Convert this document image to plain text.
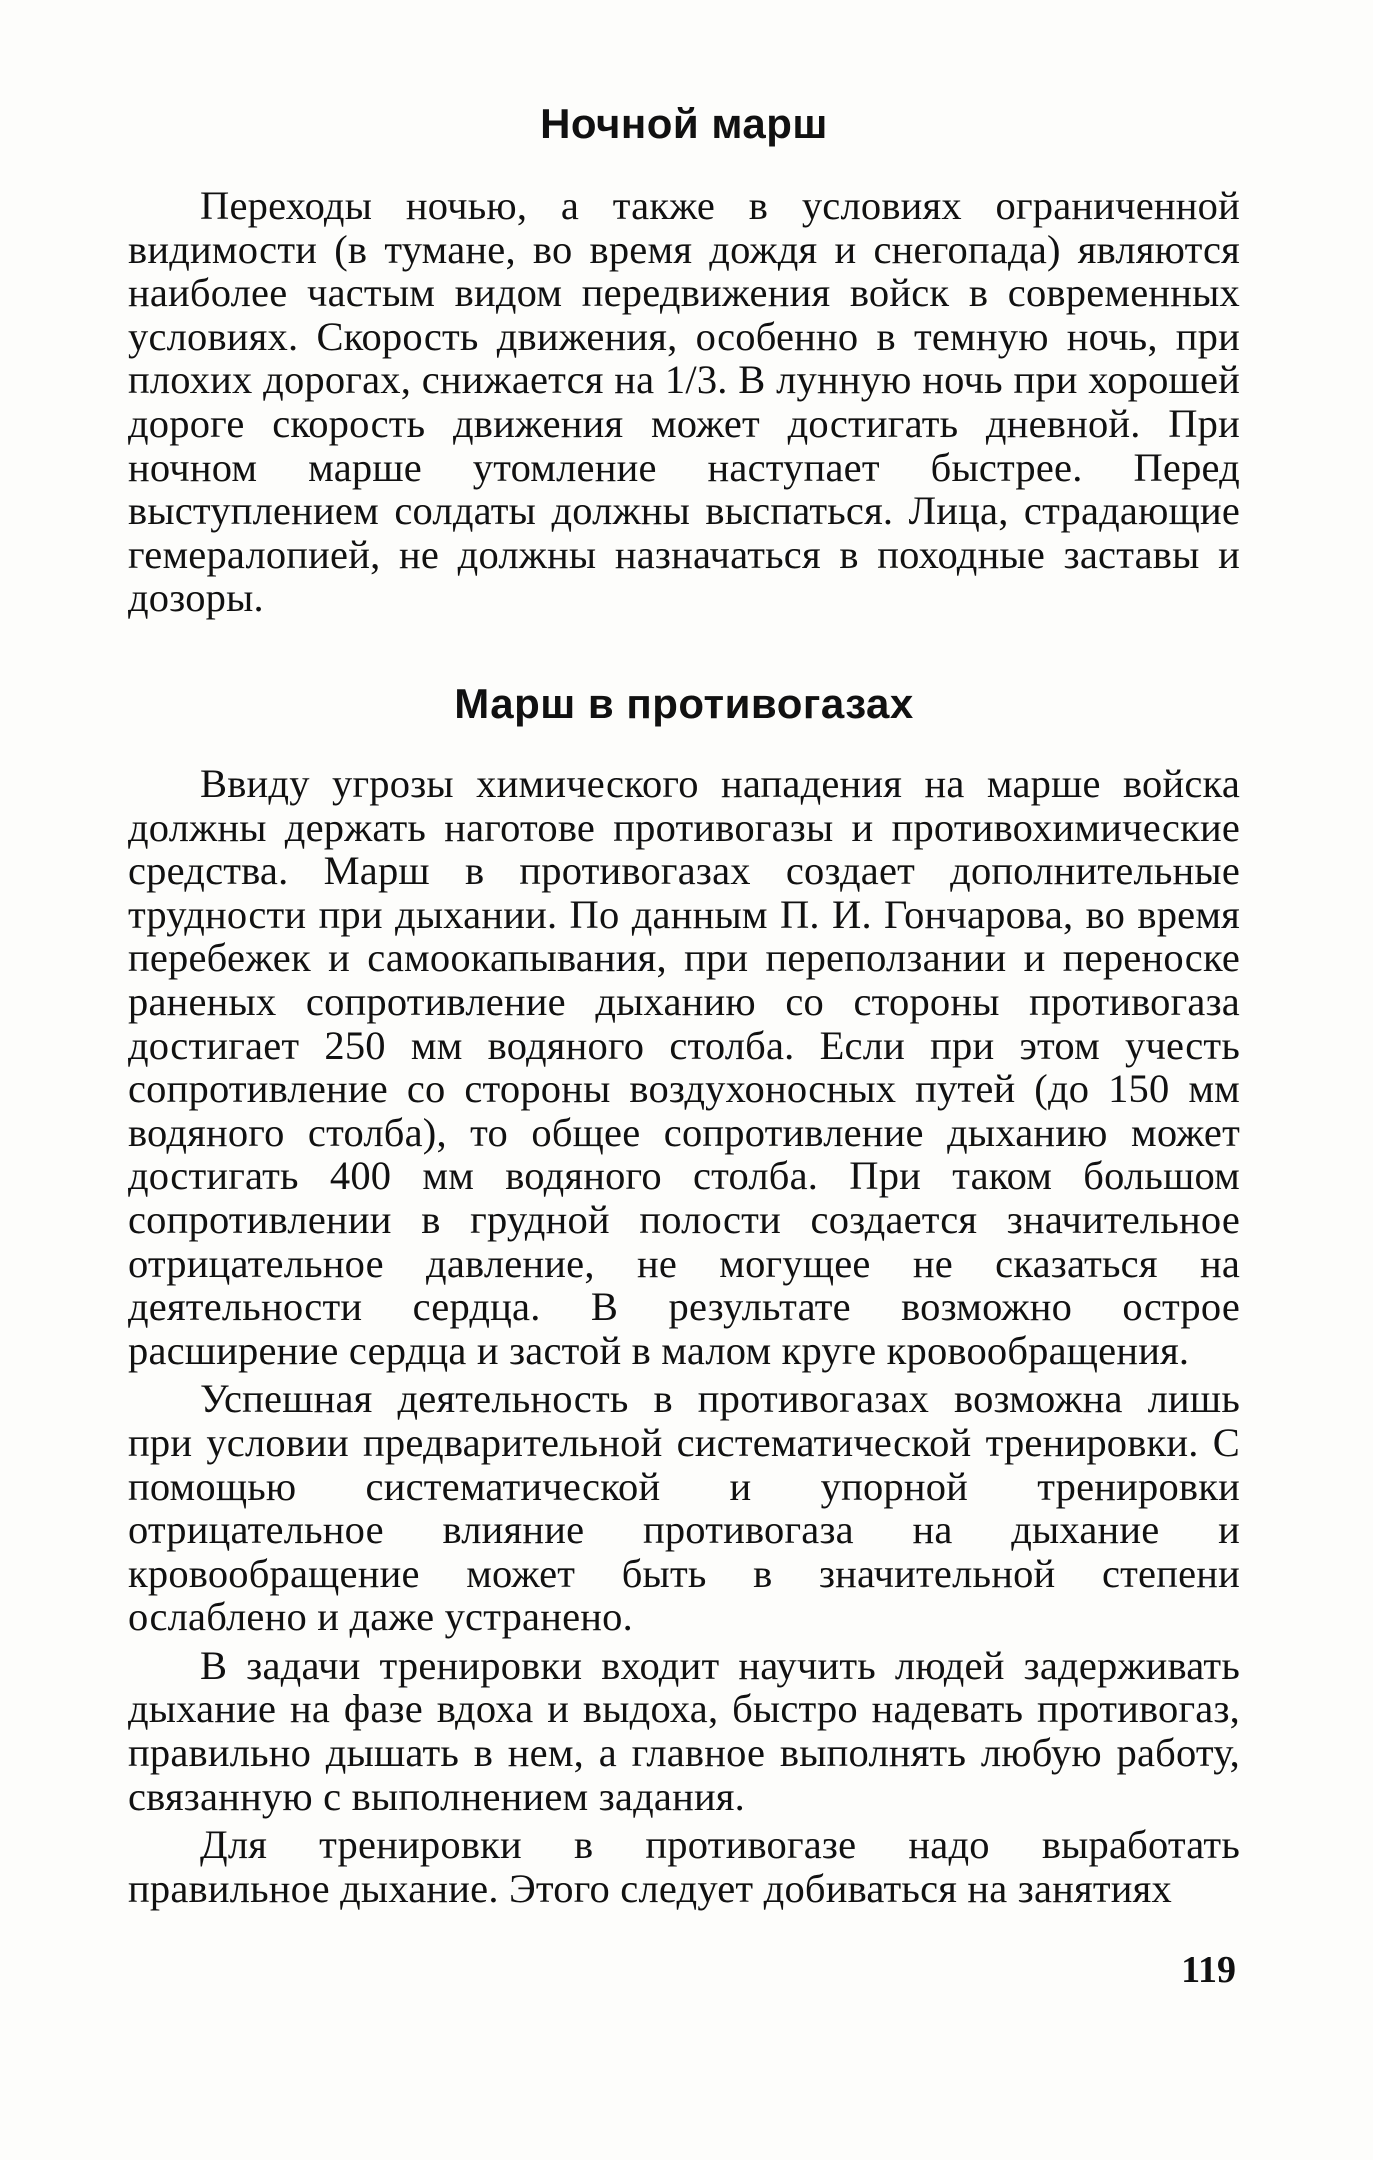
Ночной марш

Переходы ночью, а также в условиях ограниченной видимости (в тумане, во время дождя и снегопада) являются наиболее частым видом передвижения войск в современных условиях. Скорость движения, особенно в темную ночь, при плохих дорогах, снижается на 1/3. В лунную ночь при хорошей дороге скорость движения может достигать дневной. При ночном марше утомление наступает быстрее. Перед выступлением солдаты должны выспаться. Лица, страдающие гемералопией, не должны назначаться в походные заставы и дозоры.

Марш в противогазах

Ввиду угрозы химического нападения на марше войска должны держать наготове противогазы и противохимические средства. Марш в противогазах создает дополнительные трудности при дыхании. По данным П. И. Гончарова, во время перебежек и самоокапывания, при переползании и переноске раненых сопротивление дыханию со стороны противогаза достигает 250 мм водяного столба. Если при этом учесть сопротивление со стороны воздухоносных путей (до 150 мм водяного столба), то общее сопротивление дыханию может достигать 400 мм водяного столба. При таком большом сопротивлении в грудной полости создается значительное отрицательное давление, не могущее не сказаться на деятельности сердца. В результате возможно острое расширение сердца и застой в малом круге кровообращения.

Успешная деятельность в противогазах возможна лишь при условии предварительной систематической тренировки. С помощью систематической и упорной тренировки отрицательное влияние противогаза на дыхание и кровообращение может быть в значительной степени ослаблено и даже устранено.

В задачи тренировки входит научить людей задерживать дыхание на фазе вдоха и выдоха, быстро надевать противогаз, правильно дышать в нем, а главное выполнять любую работу, связанную с выполнением задания.

Для тренировки в противогазе надо выработать правильное дыхание. Этого следует добиваться на занятиях

119
